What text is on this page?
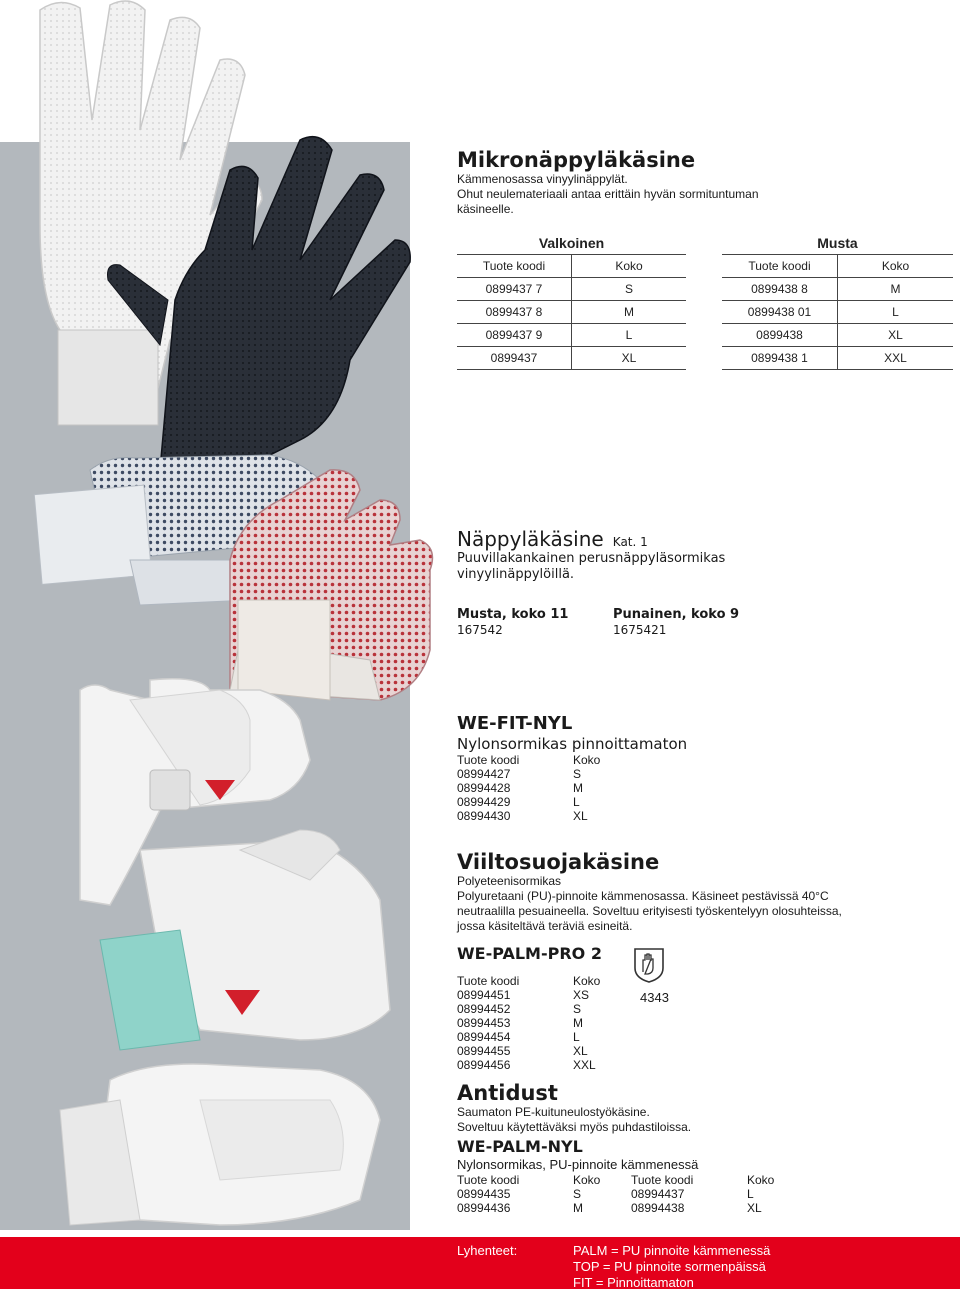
Mikronäppyläkäsine
Kämmenosassa vinyylinäppylät.
Ohut neulemateriaali antaa erittäin hyvän sormituntuman
käsineelle.
Valkoinen			Musta	
Tuote koodi	Koko		Tuote koodi	Koko
0899437 7	S		0899438 8	M
0899437 8	M		0899438 01	L
0899437 9	L		0899438	XL
0899437	XL		0899438 1	XXL
Näppyläkäsine Kat. 1
Puuvillakankainen perusnäppyläsormikas
vinyylinäppylöillä.
Musta, koko 11
167542
Punainen, koko 9
1675421
WE-FIT-NYL
Nylonsormikas pinnoittamaton
Tuote koodi	Koko
08994427	S
08994428	M
08994429	L
08994430	XL
Viiltosuojakäsine
Polyeteenisormikas
Polyuretaani (PU)-pinnoite kämmenosassa. Käsineet pestävissä 40°C
neutraalilla pesuaineella. Soveltuu erityisesti työskentelyyn olosuhteissa,
jossa käsiteltävä teräviä esineitä.
WE-PALM-PRO 2
Tuote koodi	Koko
08994451	XS
08994452	S
08994453	M
08994454	L
08994455	XL
08994456	XXL
4343
Antidust
Saumaton PE-kuituneulostyökäsine.
Soveltuu käytettäväksi myös puhdastiloissa.
WE-PALM-NYL
Nylonsormikas, PU-pinnoite kämmenessä
Tuote koodi	Koko	Tuote koodi	Koko
08994435	S	08994437	L
08994436	M	08994438	XL
Lyhenteet:	PALM = PU pinnoite kämmenessä
TOP = PU pinnoite sormenpäissä
FIT = Pinnoittamaton
